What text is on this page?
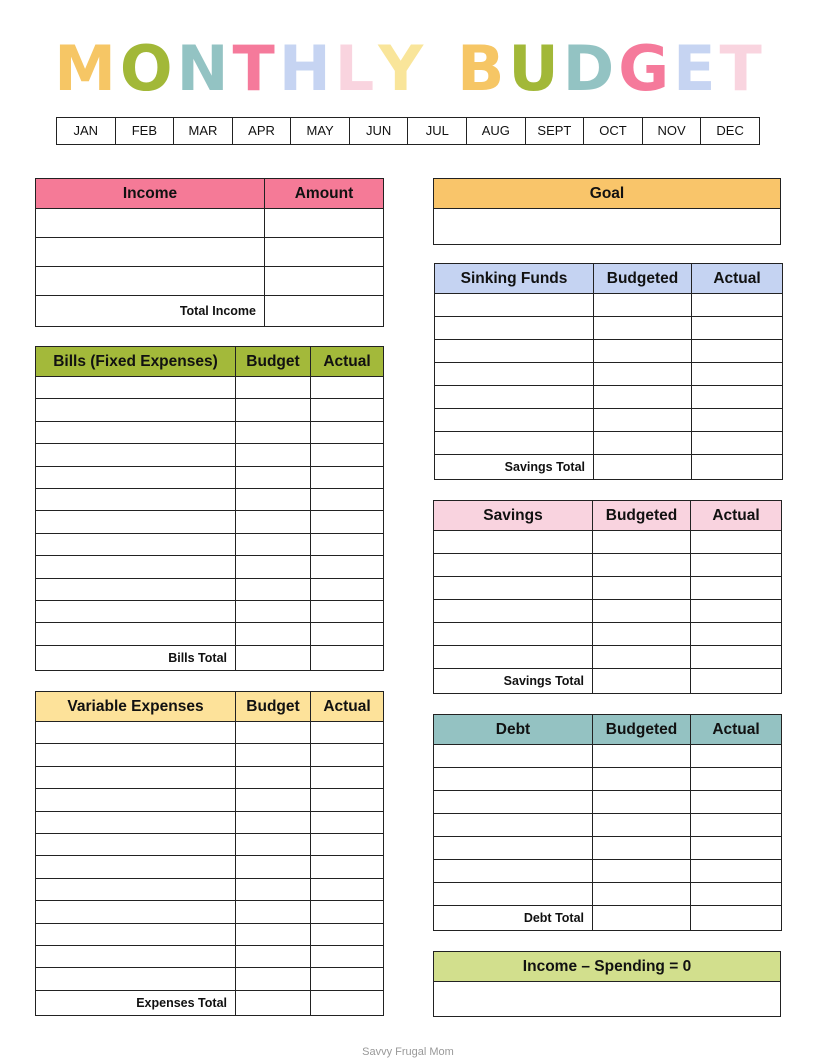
MONTHLY BUDGET
JAN	FEB	MAR	APR	MAY	JUN	JUL	AUG	SEPT	OCT	NOV	DEC
Income	Amount

Total Income	
Bills (Fixed Expenses)	Budget	Actual

Bills Total		
Variable Expenses	Budget	Actual

Expenses Total		
Goal

Sinking Funds	Budgeted	Actual

Savings Total		
Savings	Budgeted	Actual

Savings Total		
Debt	Budgeted	Actual

Debt Total		
Income – Spending = 0

Savvy Frugal Mom
